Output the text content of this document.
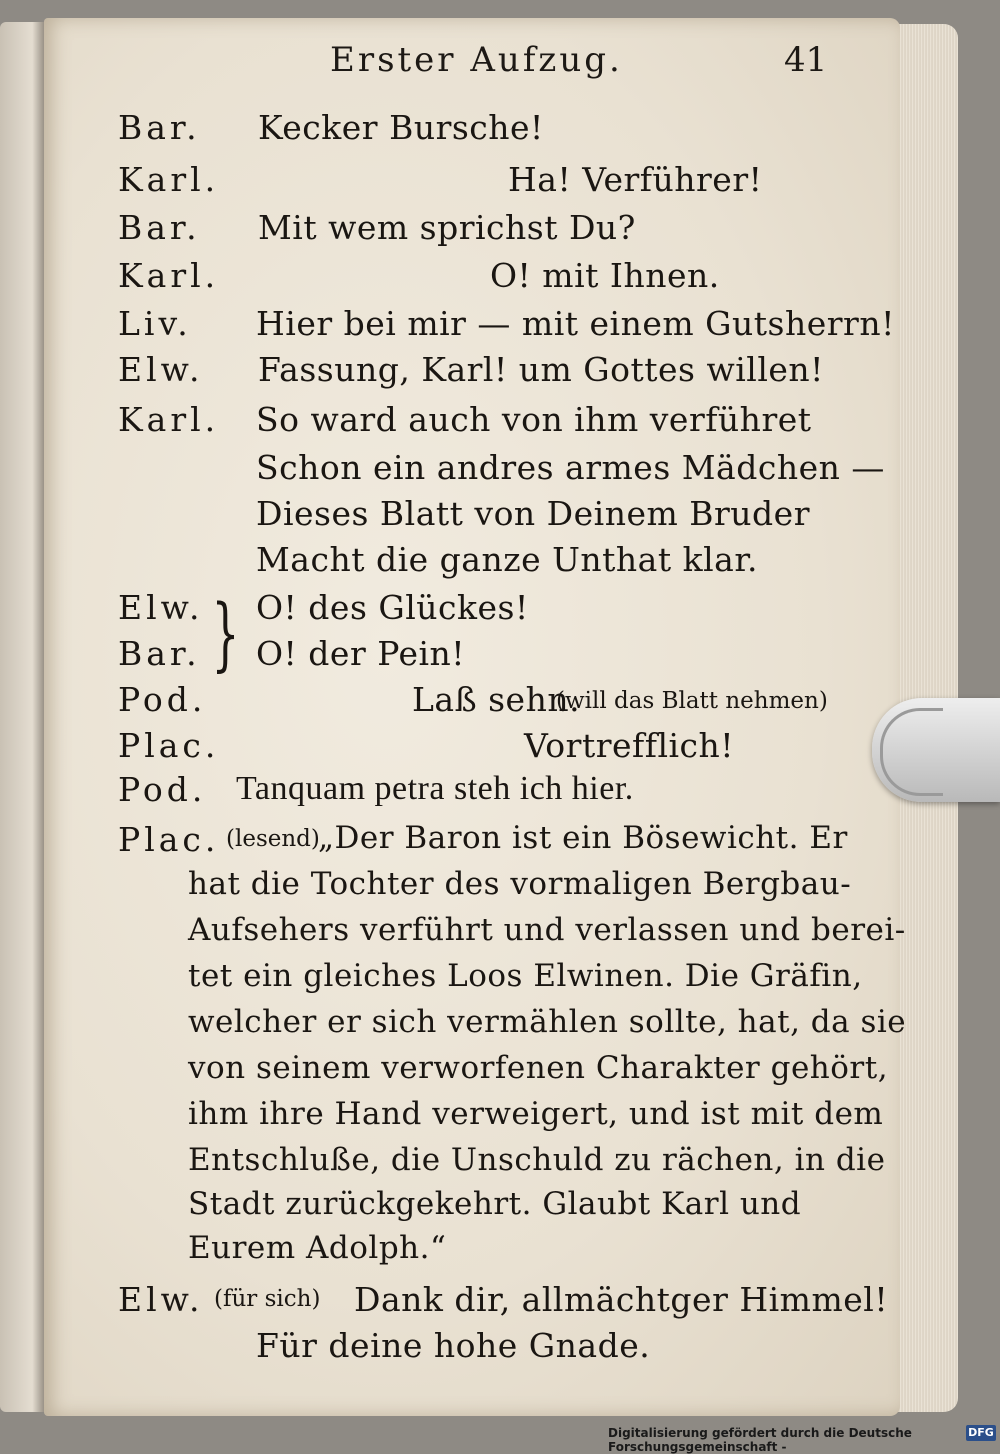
Erster Aufzug.	41
Bar. Kecker Bursche!
Karl.	Ha! Verführer!
Bar. Mit wem sprichst Du?
Karl.	O! mit Ihnen.
Liv. Hier bei mir — mit einem Gutsherrn!
Elw. Fassung, Karl! um Gottes willen!
Karl. So ward auch von ihm verführet
Schon ein andres armes Mädchen —
Dieses Blatt von Deinem Bruder
Macht die ganze Unthat klar.
Elw. O! des Glückes!
}
Bar. O! der Pein!
Pod.	Laß sehn.
(will das Blatt nehmen)
Plac.	Vortrefflich!
Pod. Tanquam petra steh ich hier.
Plac. (lesend)
„Der Baron ist ein Bösewicht. Er
hat die Tochter des vormaligen Bergbau-
Aufsehers verführt und verlassen und berei-
tet ein gleiches Loos Elwinen. Die Gräfin,
welcher er sich vermählen sollte, hat, da sie
von seinem verworfenen Charakter gehört,
ihm ihre Hand verweigert, und ist mit dem
Entschluße, die Unschuld zu rächen, in die
Stadt zurückgekehrt. Glaubt Karl und
Eurem Adolph.“
Elw. (für sich) Dank dir, allmächtger Himmel!
Für deine hohe Gnade.
Digitalisierung gefördert durch die Deutsche Forschungsgemeinschaft -
DFG
